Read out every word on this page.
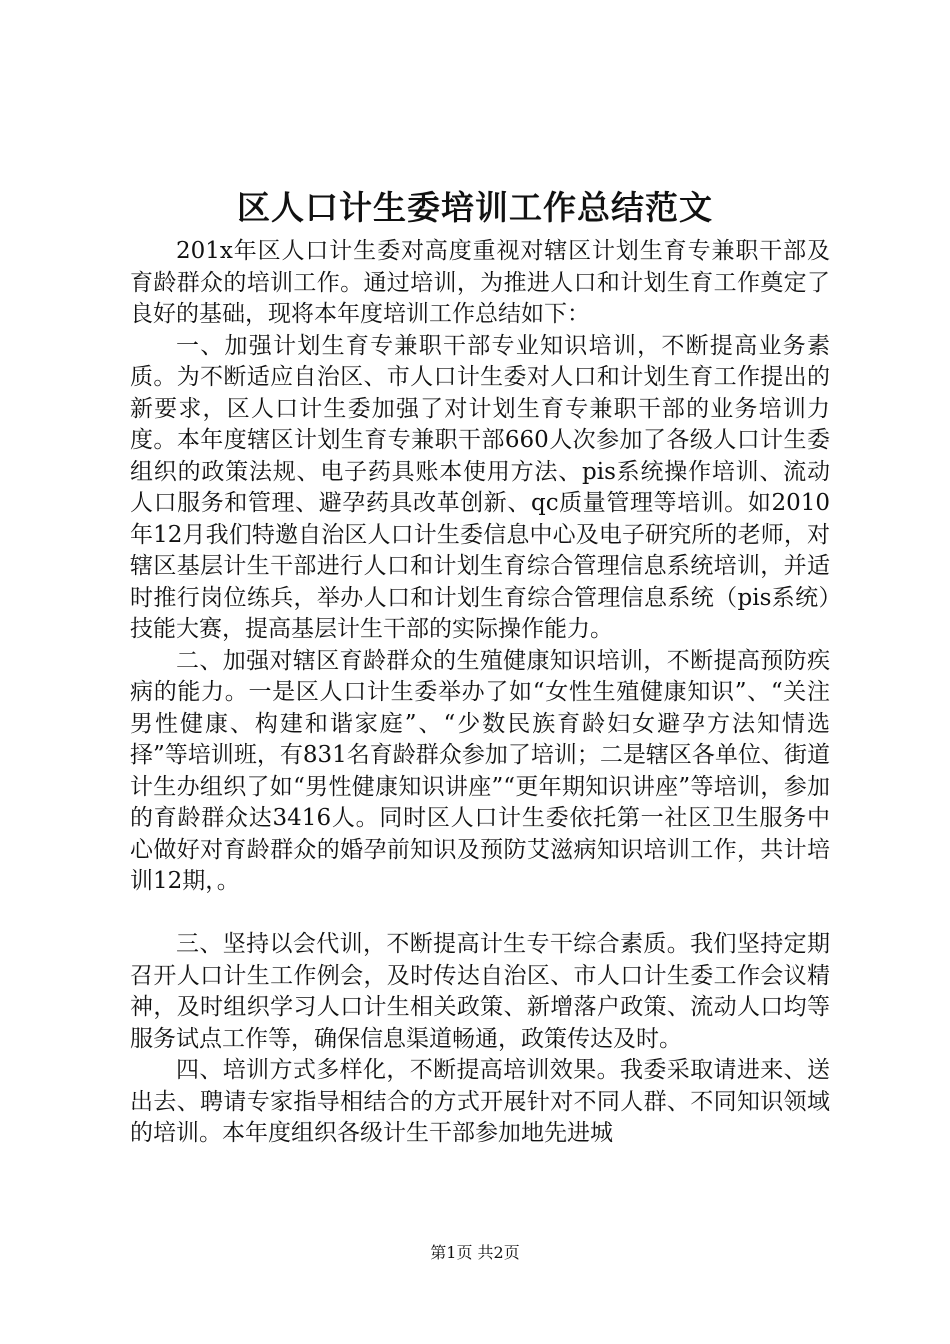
区人口计生委培训工作总结范文

201x年区人口计生委对高度重视对辖区计划生育专兼职干部及育龄群众的培训工作。通过培训，为推进人口和计划生育工作奠定了良好的基础，现将本年度培训工作总结如下：

一、加强计划生育专兼职干部专业知识培训，不断提高业务素质。为不断适应自治区、市人口计生委对人口和计划生育工作提出的新要求，区人口计生委加强了对计划生育专兼职干部的业务培训力度。本年度辖区计划生育专兼职干部660人次参加了各级人口计生委组织的政策法规、电子药具账本使用方法、pis系统操作培训、流动人口服务和管理、避孕药具改革创新、qc质量管理等培训。如2010年12月我们特邀自治区人口计生委信息中心及电子研究所的老师，对辖区基层计生干部进行人口和计划生育综合管理信息系统培训，并适时推行岗位练兵，举办人口和计划生育综合管理信息系统（pis系统）技能大赛，提高基层计生干部的实际操作能力。

二、加强对辖区育龄群众的生殖健康知识培训，不断提高预防疾病的能力。一是区人口计生委举办了如“女性生殖健康知识”、“关注男性健康、构建和谐家庭”、“少数民族育龄妇女避孕方法知情选择”等培训班，有831名育龄群众参加了培训；二是辖区各单位、街道计生办组织了如“男性健康知识讲座”“更年期知识讲座”等培训，参加的育龄群众达3416人。同时区人口计生委依托第一社区卫生服务中心做好对育龄群众的婚孕前知识及预防艾滋病知识培训工作，共计培训12期，。

三、坚持以会代训，不断提高计生专干综合素质。我们坚持定期召开人口计生工作例会，及时传达自治区、市人口计生委工作会议精神，及时组织学习人口计生相关政策、新增落户政策、流动人口均等服务试点工作等，确保信息渠道畅通，政策传达及时。

四、培训方式多样化，不断提高培训效果。我委采取请进来、送出去、聘请专家指导相结合的方式开展针对不同人群、不同知识领域的培训。本年度组织各级计生干部参加地先进城

第1页 共2页
